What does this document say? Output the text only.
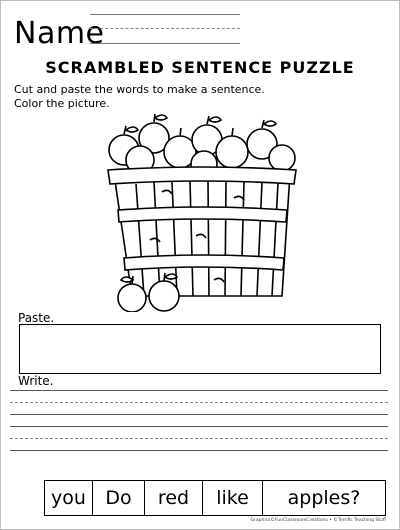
Name
SCRAMBLED SENTENCE PUZZLE
Cut and paste the words to make a sentence.
Color the picture.
Paste.
Write.
you	Do	red	like	apples?
Graphics©FunClassroomCreations • ©Terrific Teaching Stuff
